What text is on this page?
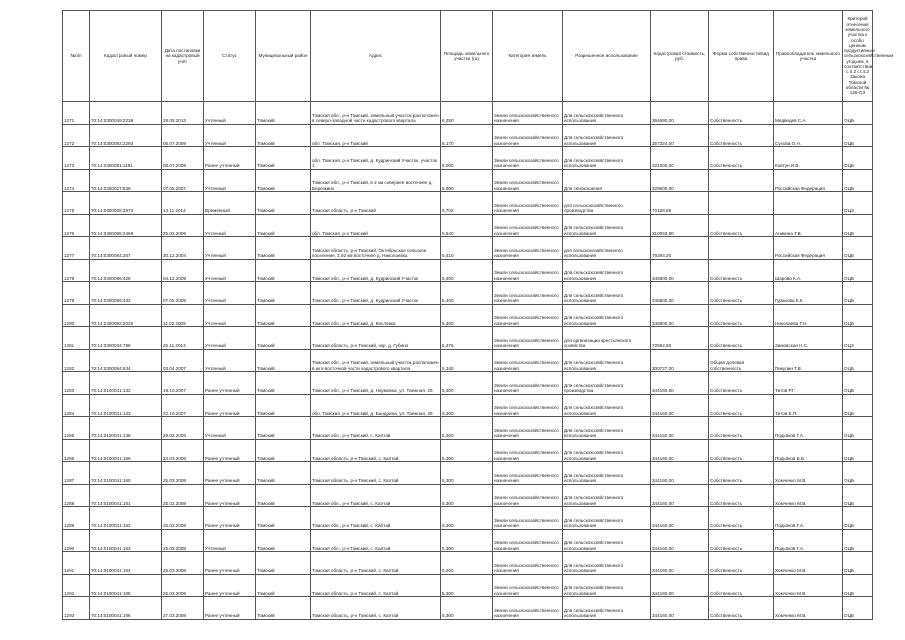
№п/п	Кадастровый номер	Дата постановки на кадастровый учёт	Статус	Муниципальный район	Адрес	Площадь земельного участка (га)	Категория земель	Разрешенное использование	Кадастровая стоимость, руб.	Форма собственности/вид права	Правообладатель земельного участка	Критерий отнесения земельного участка к особо ценным продуктивным сельскохозяйственным угодьям, в соответствии с п.2 ст.4.3 Закона Томской области № 135-ОЗ
1271	70:14:0300049:2238	28.05.2013	Учтенный	Томский	Томская обл., р-н Томский, земельный участок расположен в северо-западной части кадастрового квартала	6,250	Земли сельскохозяйственного назначения	Для сельскохозяйственного использования	364690,00	Собственность	Медведев С.А.	ОЦБ
1272	70:14:0300092:2293	06.07.2009	Учтенный	Томский	обл. Томская, р-н Томский	6,170	Земли сельскохозяйственного назначения	Для сельскохозяйственного использования	357324,00	Собственность	Сухова О.Н.	ОЦБ
1273	70:14:0300081:1191	08.07.2009	Ранее учтенный	Томский	обл. Томская, р-н Томский, д. Кудринский Участок, участок 1	6,000	Земли сельскохозяйственного назначения	Для сельскохозяйственного использования	321000,00	Собственность	Ковтун И.В.	ОЦБ
1274	70:14:0300027:638	07.05.2007	Учтенный	Томский	Томская обл., р-н Томский, в 2 км севернее восточнее д. Березкино	5,800	Земли сельскохозяйственного назначения	Для сенокошения	329600,00		Российская Федерация	ОЦБ
1275	70:14:0300035:3973	13.11.2014	Временный	Томский	Томская область, р-н Томский	5,702	Земли сельскохозяйственного назначения	для сельскохозяйственного производства	70129,68			ОЦЗ
1276	70:14:0300095:2469	25.02.2009	Учтенный	Томский	обл. Томская, р-н Томский	5,540	Земли сельскохозяйственного назначения	Для сельскохозяйственного использования	310063,80	Собственность	Аникина Т.В.	ОЦБ
1277	70:14:0300084:267	30.12.2004	Учтенный	Томский	Томская область, р-н Томский, Октябрьское сельское поселение, 2,92 км восточнее д. Николаевка	5,410	Земли сельскохозяйственного назначения	для сельскохозяйственного использования	79294,20		Российская Федерация	ОЦБ
1278	70:14:0300096:428	04.12.2009	Учтенный	Томский	Томская обл., р-н Томский, д. Кудринский Участок	5,400	Земли сельскохозяйственного назначения	Для сельскохозяйственного использования	346800,00	Собственность	Шарова К.А.	ОЦБ
1279	70:14:0300096:432	07.05.2009	Учтенный	Томский	Томская обл., р-н Томский, д. Кудринский Участок	5,400	Земли сельскохозяйственного назначения	Для сельскохозяйственного использования	346800,00	Собственность	Гуранова К.К.	ОЦБ
1280	70:14:0300092:2025	11.02.2009	Учтенный	Томский	Томская обл., р-н Томский, д. Кисловка	5,400	Земли сельскохозяйственного назначения	Для сельскохозяйственного использования	346800,00	Собственность	Николаева Т.Н.	ОЦБ
1281	70:14:0300034:796	26.11.2013	Учтенный	Томский	Томская область, р-н Томский, окр. д. Губино	5,375	Земли сельскохозяйственного назначения	для организации крестьянского хозяйства	72562,50	Собственность	Зимовская Н.С.	ОЦЗ
1282	70:14:0300084:634	03.04.2007	Учтенный	Томский	Томская обл., р-н Томский, земельный участок расположен в юго-восточной части кадастрового квартала	5,340	Земли сельскохозяйственного назначения	Для сельскохозяйственного использования	300727,00	Общая долевая собственность	Пикулин Т.В.	ОЦБ
1283	70:14:0100041:132	19.10.2007	Ранее учтенный	Томский	Томская обл., р-н Томский, д. Наумовка, ул. Таежная, 29	5,300	Земли сельскохозяйственного назначения	Для сельскохозяйственного производства	344160,00	Собственность	Титов Р.Г.	ОЦБ
1284	70:14:0100041:133	22.10.2007	Ранее учтенный	Томский	обл. Томская, р-н Томский, д. Бандрина, ул. Таежная, 29	5,300	Земли сельскохозяйственного назначения	Для сельскохозяйственного использования	344160,00	Собственность	Титов Е.П.	ОЦБ
1285	70:14:0100041:138	29.02.2008	Учтенный	Томский	Томская обл., р-н Томский, с. Калтай	5,300	Земли сельскохозяйственного назначения	Для сельскохозяйственного использования	344160,00	Собственность	Подьяков Г.А.	ОЦБ
1286	70:14:0100041:159	24.03.2008	Ранее учтенный	Томский	Томская область, р-н Томский, с. Калтай	5,300	Земли сельскохозяйственного назначения	Для сельскохозяйственного использования	344160,00	Собственность	Подьяков Б.Б.	ОЦБ
1287	70:14:0100041:160	25.03.2008	Ранее учтенный	Томский	Томская область, р-н Томский, с. Калтай	5,300	Земли сельскохозяйственного назначения	Для сельскохозяйственного использования	344160,00	Собственность	Хомченко М.В.	ОЦБ
1288	70:14:0100041:161	25.02.2008	Ранее учтенный	Томский	Томская обл., р-н Томский, с. Калтай	5,300	Земли сельскохозяйственного назначения	Для сельскохозяйственного использования	344160,00	Собственность	Хомченко М.В.	ОЦБ
1289	70:14:0100041:162	25.02.2008	Ранее учтенный	Томский	Томская обл., р-н Томский, с. Калтай	5,300	Земли сельскохозяйственного назначения	Для сельскохозяйственного использования	344160,00	Собственность	Подьяков Г.А.	ОЦБ
1290	70:14:0100041:163	25.03.2008	Учтенный	Томский	Томская обл., р-н Томский, с. Калтай	5,300	Земли сельскохозяйственного назначения	Для сельскохозяйственного использования	344160,00	Собственность	Подьяков Г.А.	ОЦБ
1291	70:14:0100041:164	26.03.2008	Ранее учтенный	Томский	Томская область, р-н Томский, с. Калтай	5,300	Земли сельскохозяйственного назначения	Для сельскохозяйственного использования	344160,00	Собственность	Хомченко М.В.	ОЦБ
1292	70:14:0100041:165	26.03.2008	Ранее учтенный	Томский	Томская область, р-н Томский, с. Калтай	5,300	Земли сельскохозяйственного назначения	Для сельскохозяйственного использования	344160,00	Собственность	Хомченко М.В.	ОЦБ
1293	70:14:0100041:166	27.03.2008	Ранее учтенный	Томский	Томская область, р-н Томский, с. Калтай	5,300	Земли сельскохозяйственного назначения	Для сельскохозяйственного использования	344160,00	Собственность	Хомченко М.В.	ОЦБ
